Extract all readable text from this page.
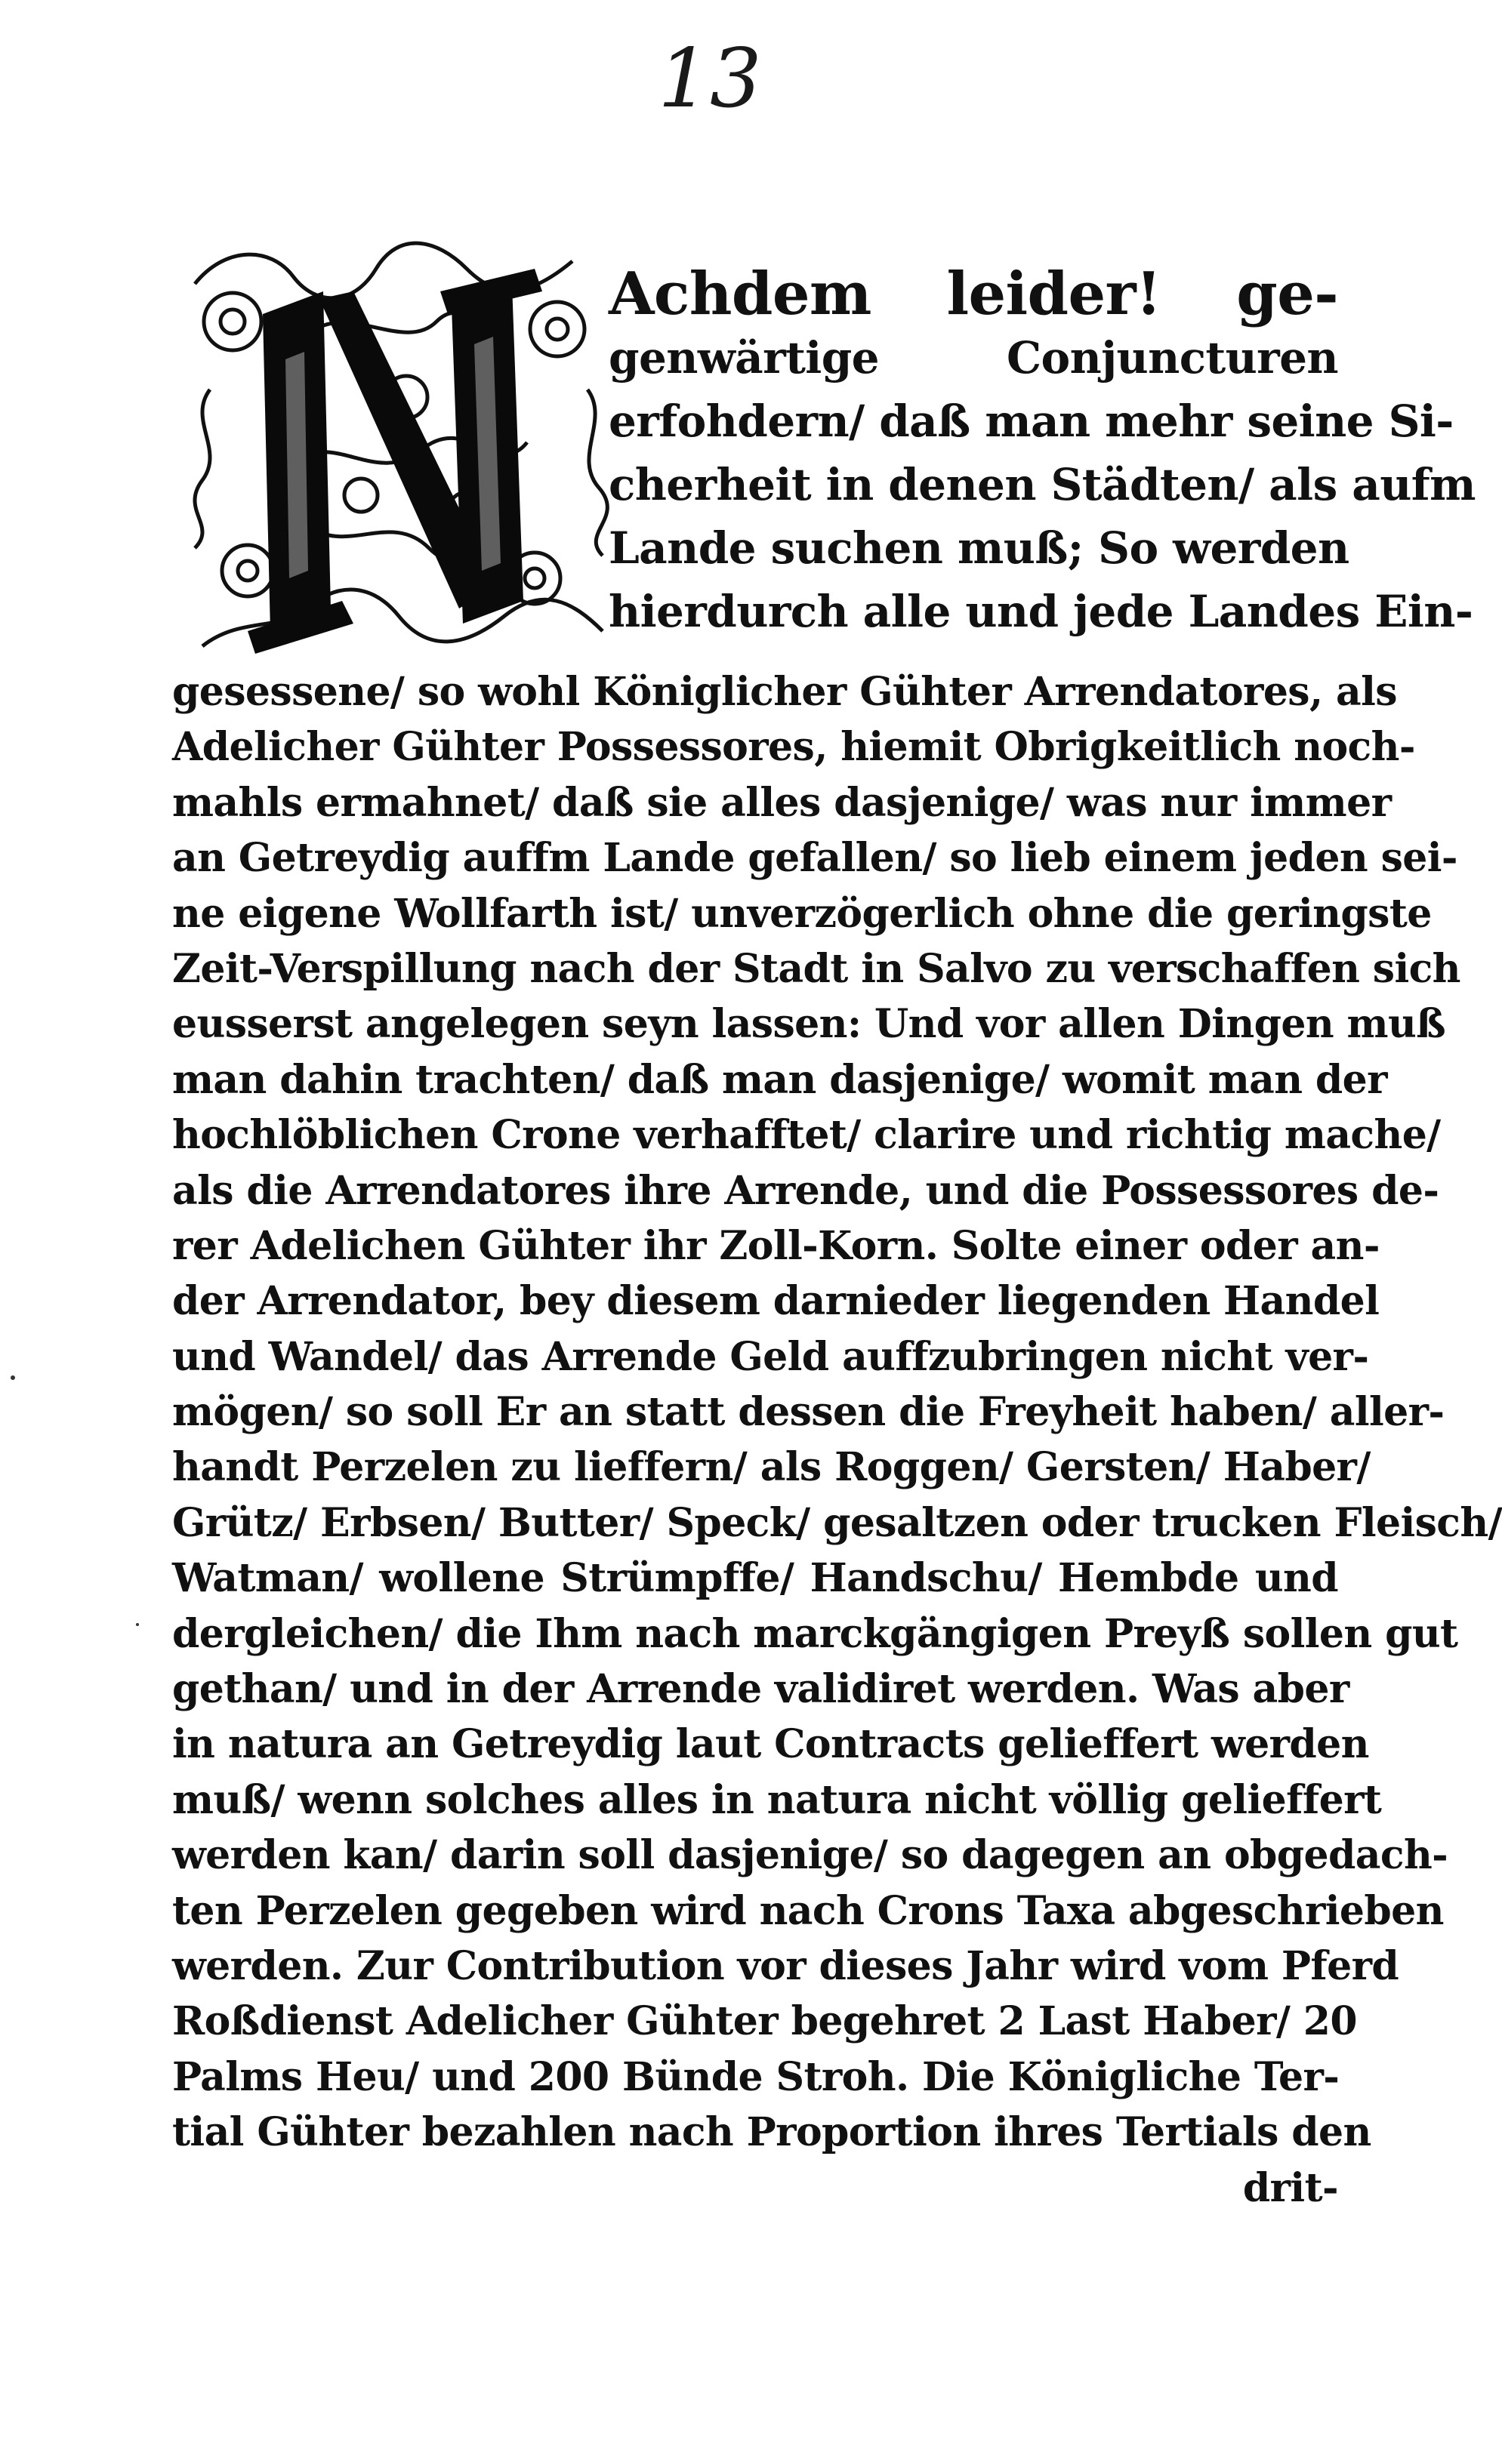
13
Achdem leider! ge-
genwärtige Conjuncturen
erfohdern/ daß man mehr seine Si-
cherheit in denen Städten/ als aufm
Lande suchen muß; So werden
hierdurch alle und jede Landes Ein-
gesessene/ so wohl Königlicher Gühter Arrendatores, als
Adelicher Gühter Possessores, hiemit Obrigkeitlich noch-
mahls ermahnet/ daß sie alles dasjenige/ was nur immer
an Getreydig auffm Lande gefallen/ so lieb einem jeden sei-
ne eigene Wollfarth ist/ unverzögerlich ohne die geringste
Zeit-Verspillung nach der Stadt in Salvo zu verschaffen sich
eusserst angelegen seyn lassen: Und vor allen Dingen muß
man dahin trachten/ daß man dasjenige/ womit man der
hochlöblichen Crone verhafftet/ clarire und richtig mache/
als die Arrendatores ihre Arrende, und die Possessores de-
rer Adelichen Gühter ihr Zoll-Korn. Solte einer oder an-
der Arrendator, bey diesem darnieder liegenden Handel
und Wandel/ das Arrende Geld auffzubringen nicht ver-
mögen/ so soll Er an statt dessen die Freyheit haben/ aller-
handt Perzelen zu lieffern/ als Roggen/ Gersten/ Haber/
Grütz/ Erbsen/ Butter/ Speck/ gesaltzen oder trucken Fleisch/
Watman/ wollene Strümpffe/ Handschu/ Hembde und
dergleichen/ die Ihm nach marckgängigen Preyß sollen gut
gethan/ und in der Arrende validiret werden. Was aber
in natura an Getreydig laut Contracts gelieffert werden
muß/ wenn solches alles in natura nicht völlig gelieffert
werden kan/ darin soll dasjenige/ so dagegen an obgedach-
ten Perzelen gegeben wird nach Crons Taxa abgeschrieben
werden. Zur Contribution vor dieses Jahr wird vom Pferd
Roßdienst Adelicher Gühter begehret 2 Last Haber/ 20
Palms Heu/ und 200 Bünde Stroh. Die Königliche Ter-
tial Gühter bezahlen nach Proportion ihres Tertials den
drit-
